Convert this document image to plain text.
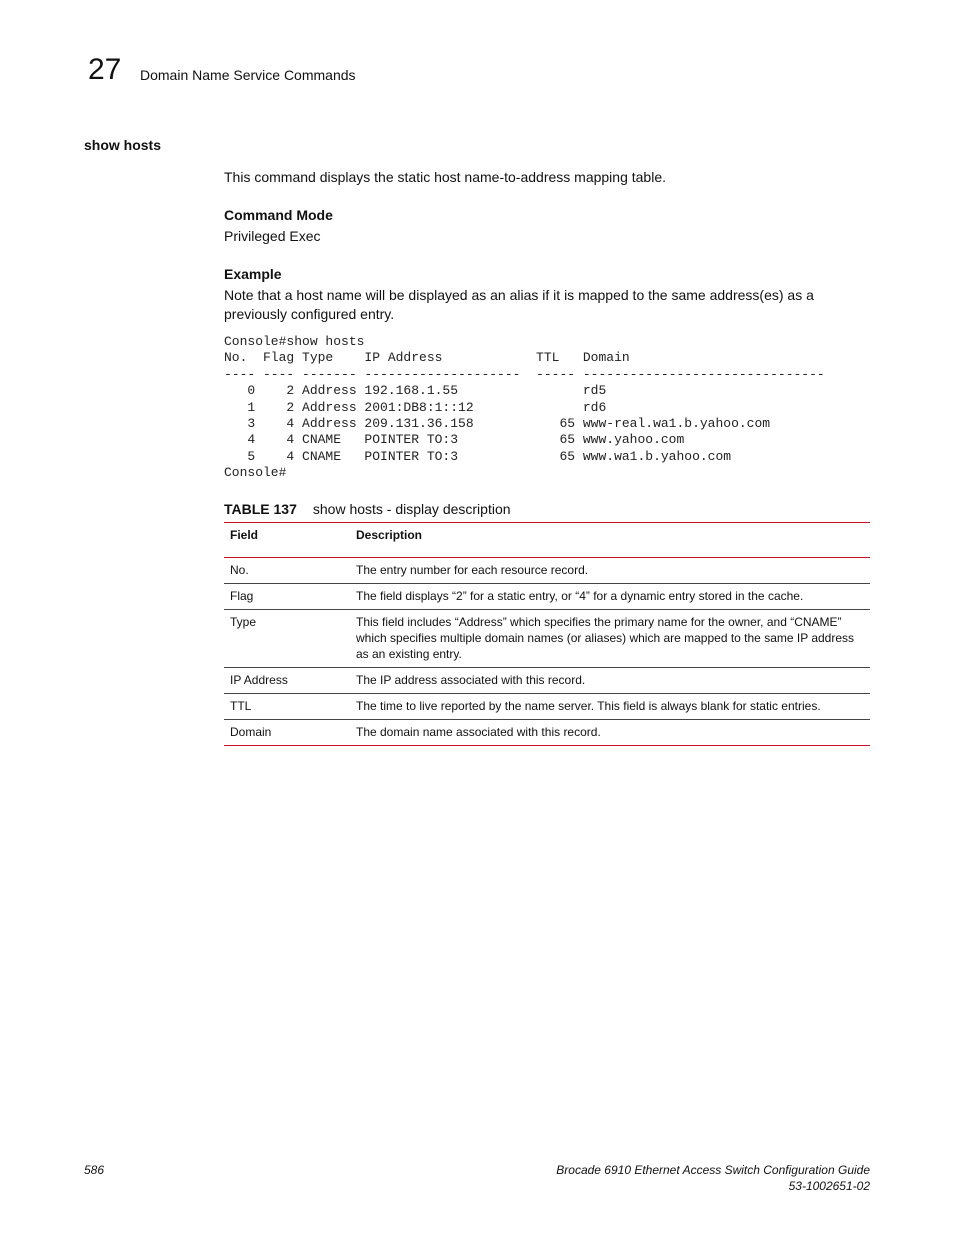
27 Domain Name Service Commands
show hosts
This command displays the static host name-to-address mapping table.
Command Mode
Privileged Exec
Example
Note that a host name will be displayed as an alias if it is mapped to the same address(es) as a previously configured entry.
Console#show hosts
No.  Flag Type    IP Address            TTL   Domain
---- ---- ------- --------------------  ----- -------------------------------
0    2 Address 192.168.1.55                rd5
1    2 Address 2001:DB8:1::12              rd6
3    4 Address 209.131.36.158           65 www-real.wa1.b.yahoo.com
4    4 CNAME   POINTER TO:3             65 www.yahoo.com
5    4 CNAME   POINTER TO:3             65 www.wa1.b.yahoo.com
Console#
TABLE 137 show hosts - display description
Field	Description
No.	The entry number for each resource record.
Flag	The field displays “2” for a static entry, or “4” for a dynamic entry stored in the cache.
Type	This field includes “Address” which specifies the primary name for the owner, and “CNAME” which specifies multiple domain names (or aliases) which are mapped to the same IP address as an existing entry.
IP Address	The IP address associated with this record.
TTL	The time to live reported by the name server. This field is always blank for static entries.
Domain	The domain name associated with this record.
586	Brocade 6910 Ethernet Access Switch Configuration Guide
53-1002651-02
